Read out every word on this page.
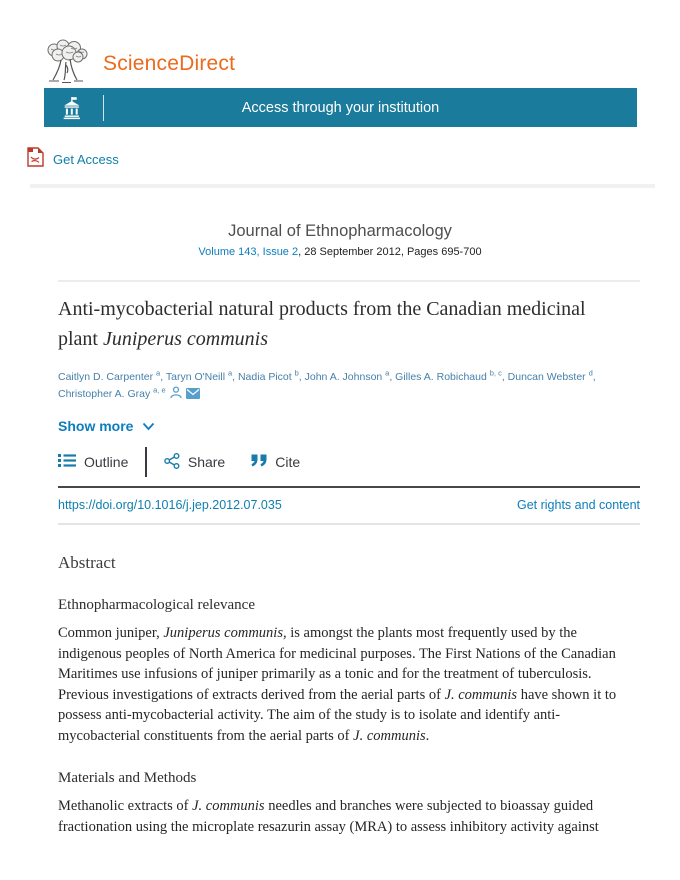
ScienceDirect
Access through your institution
Get Access
Journal of Ethnopharmacology
Volume 143, Issue 2, 28 September 2012, Pages 695-700
Anti-mycobacterial natural products from the Canadian medicinal plant Juniperus communis

Caitlyn D. Carpenter $^a$, Taryn O'Neill $^a$, Nadia Picot $^b$, John A. Johnson $^a$, Gilles A. Robichaud $^{b, c}$, Duncan Webster $^d$, Christopher A. Gray $^{a, e}$

Show more
Outline	Share	Cite
https://doi.org/10.1016/j.jep.2012.07.035	Get rights and content
Abstract
Ethnopharmacological relevance

Common juniper, Juniperus communis, is amongst the plants most frequently used by the indigenous peoples of North America for medicinal purposes. The First Nations of the Canadian Maritimes use infusions of juniper primarily as a tonic and for the treatment of tuberculosis. Previous investigations of extracts derived from the aerial parts of J. communis have shown it to possess anti-mycobacterial activity. The aim of the study is to isolate and identify anti-mycobacterial constituents from the aerial parts of J. communis.

Materials and Methods

Methanolic extracts of J. communis needles and branches were subjected to bioassay guided fractionation using the microplate resazurin assay (MRA) to assess inhibitory activity against
